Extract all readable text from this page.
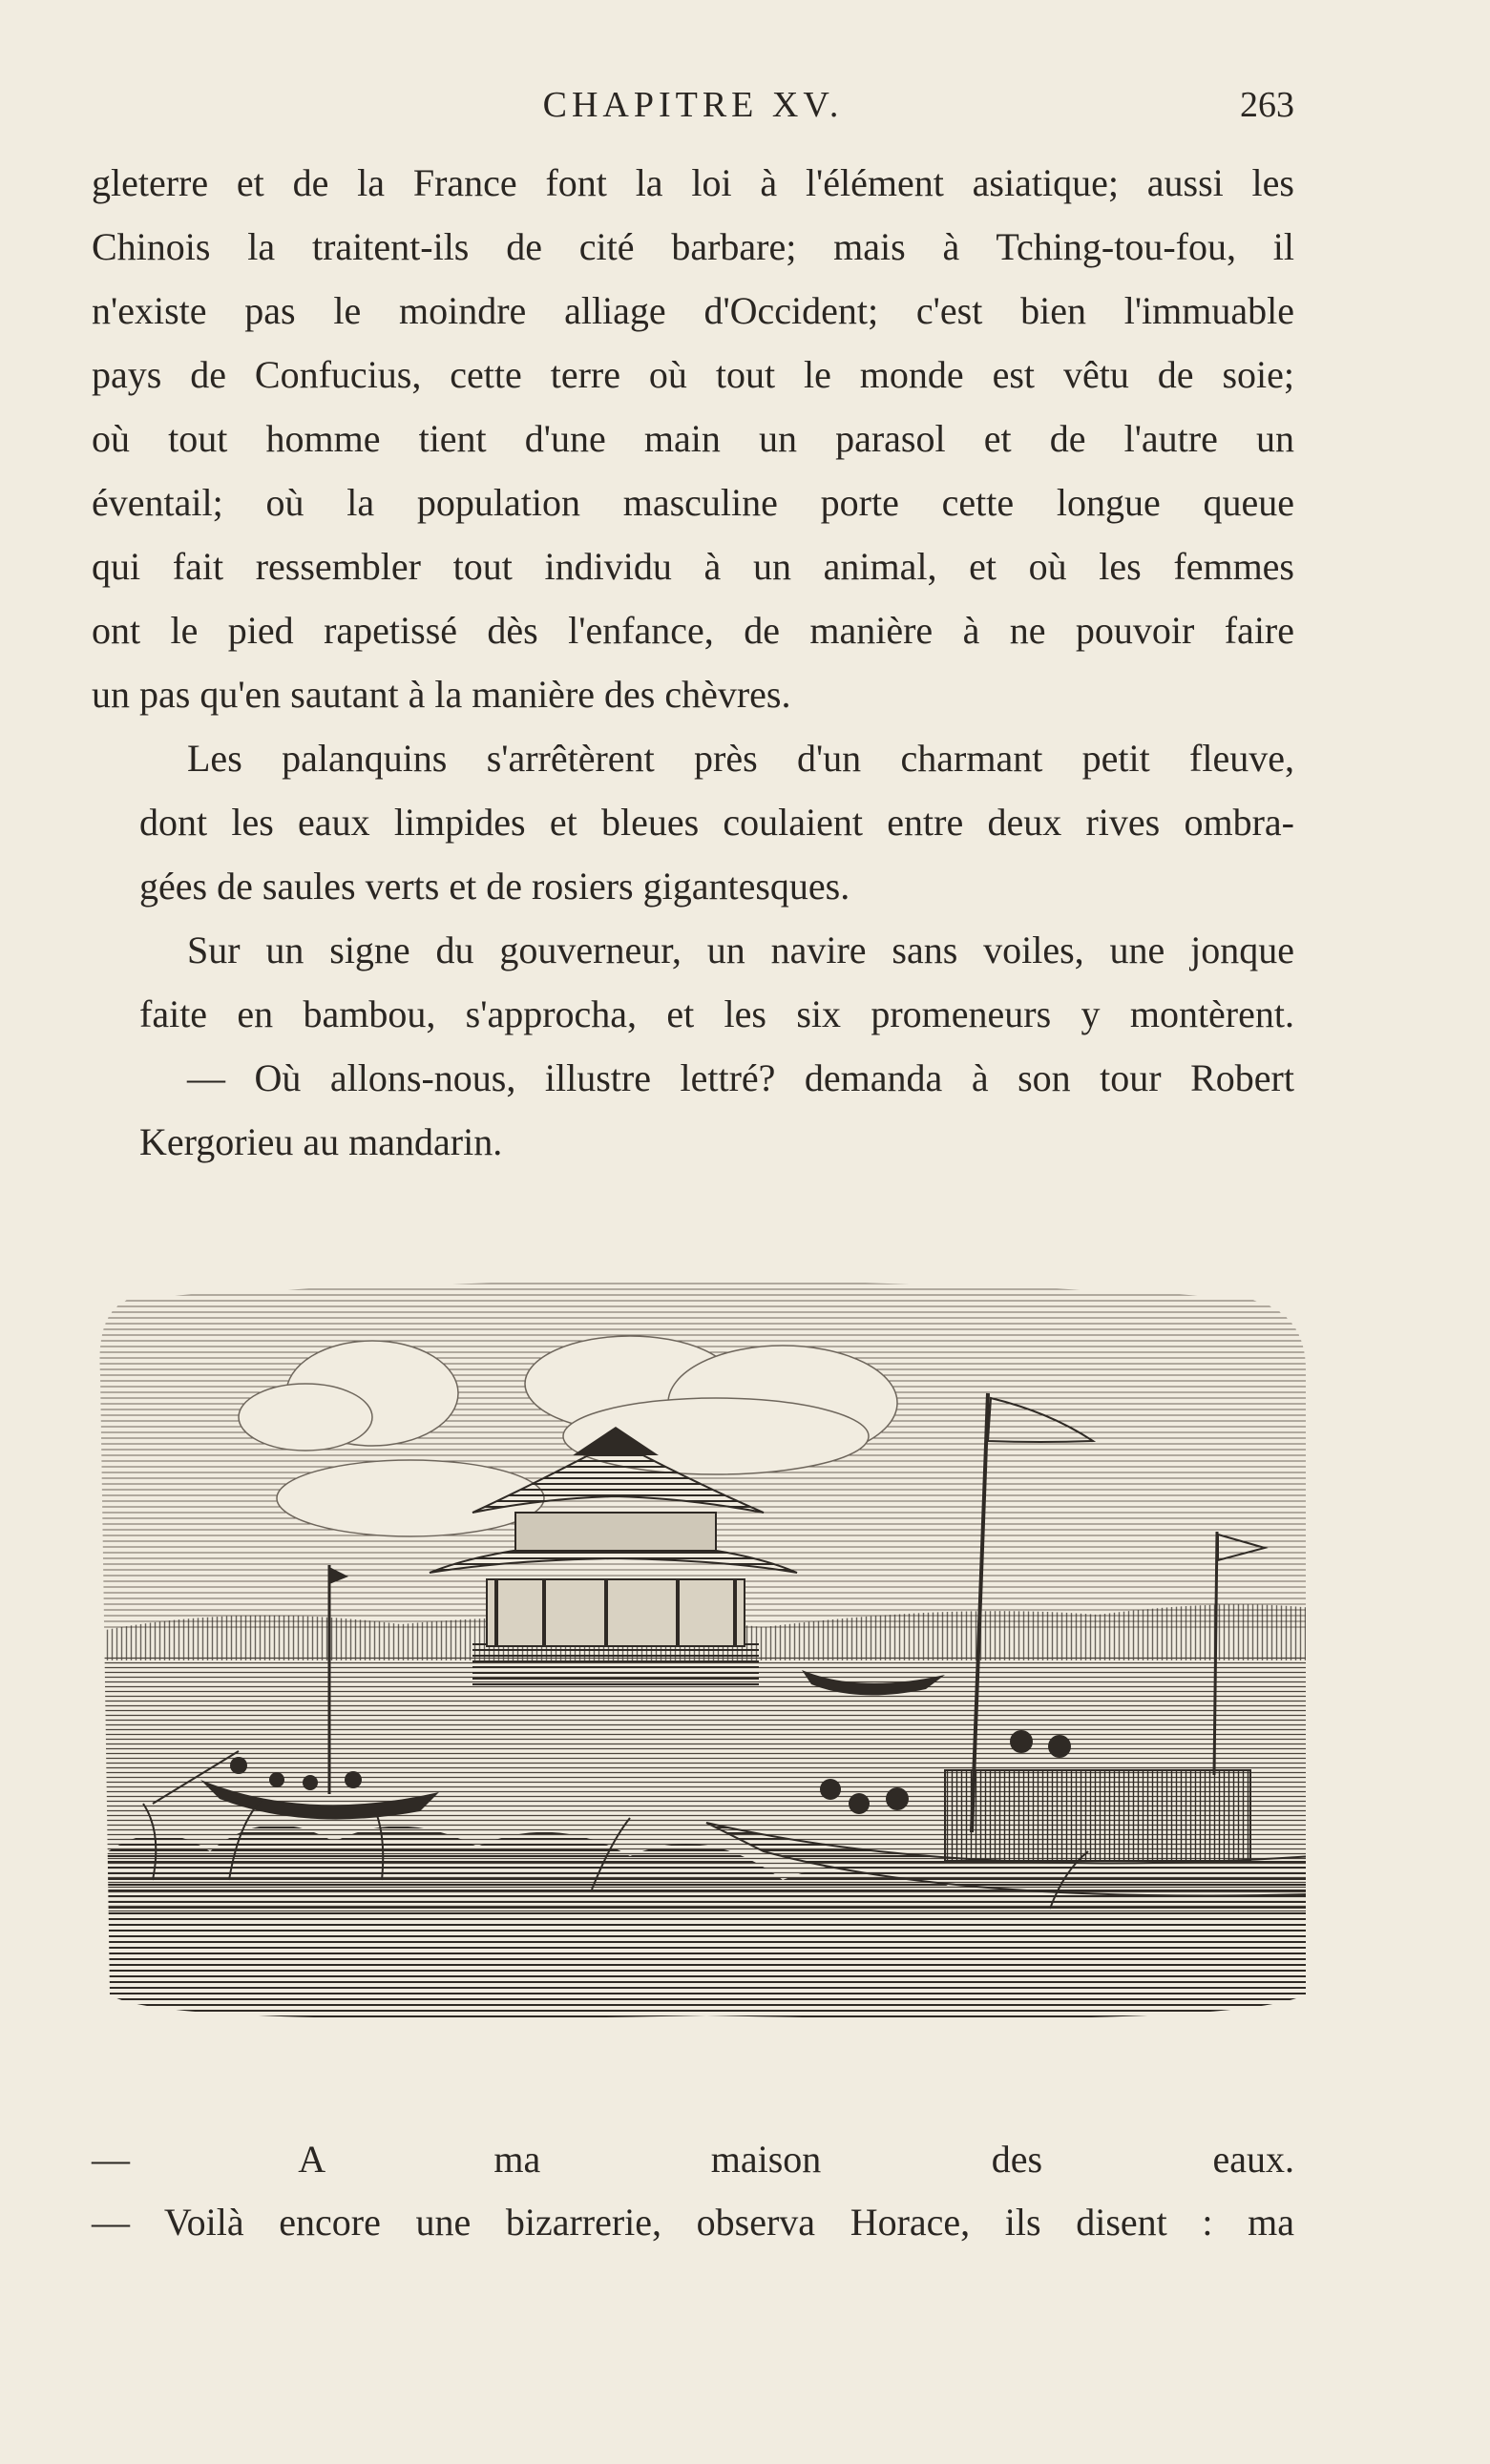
CHAPITRE XV.	263

gleterre et de la France font la loi à l'élément asiatique; aussi les
Chinois la traitent-ils de cité barbare; mais à Tching-tou-fou, il
n'existe pas le moindre alliage d'Occident; c'est bien l'immuable
pays de Confucius, cette terre où tout le monde est vêtu de soie;
où tout homme tient d'une main un parasol et de l'autre un
éventail; où la population masculine porte cette longue queue
qui fait ressembler tout individu à un animal, et où les femmes
ont le pied rapetissé dès l'enfance, de manière à ne pouvoir faire
un pas qu'en sautant à la manière des chèvres.

Les palanquins s'arrêtèrent près d'un charmant petit fleuve,
dont les eaux limpides et bleues coulaient entre deux rives ombra-
gées de saules verts et de rosiers gigantesques.

Sur un signe du gouverneur, un navire sans voiles, une jonque
faite en bambou, s'approcha, et les six promeneurs y montèrent.

— Où allons-nous, illustre lettré? demanda à son tour Robert
Kergorieu au mandarin.

— A ma maison des eaux.
— Voilà encore une bizarrerie, observa Horace, ils disent : ma
